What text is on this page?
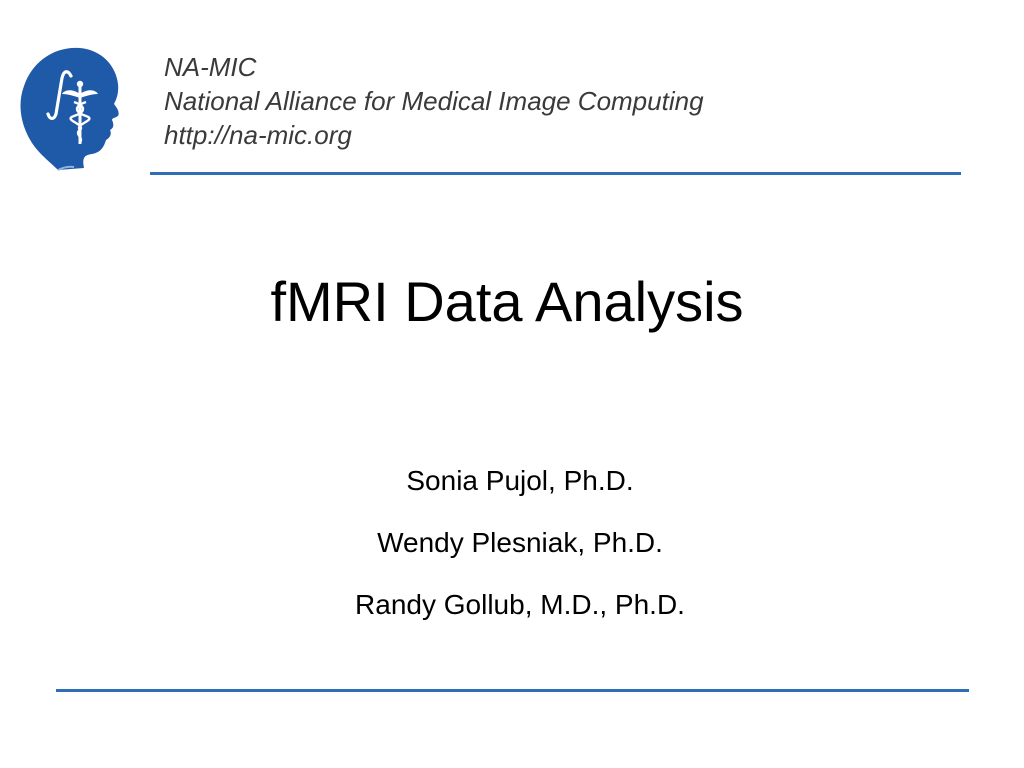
NA-MIC
National Alliance for Medical Image Computing
http://na-mic.org
fMRI Data Analysis
Sonia Pujol, Ph.D.
Wendy Plesniak, Ph.D.
Randy Gollub, M.D., Ph.D.
